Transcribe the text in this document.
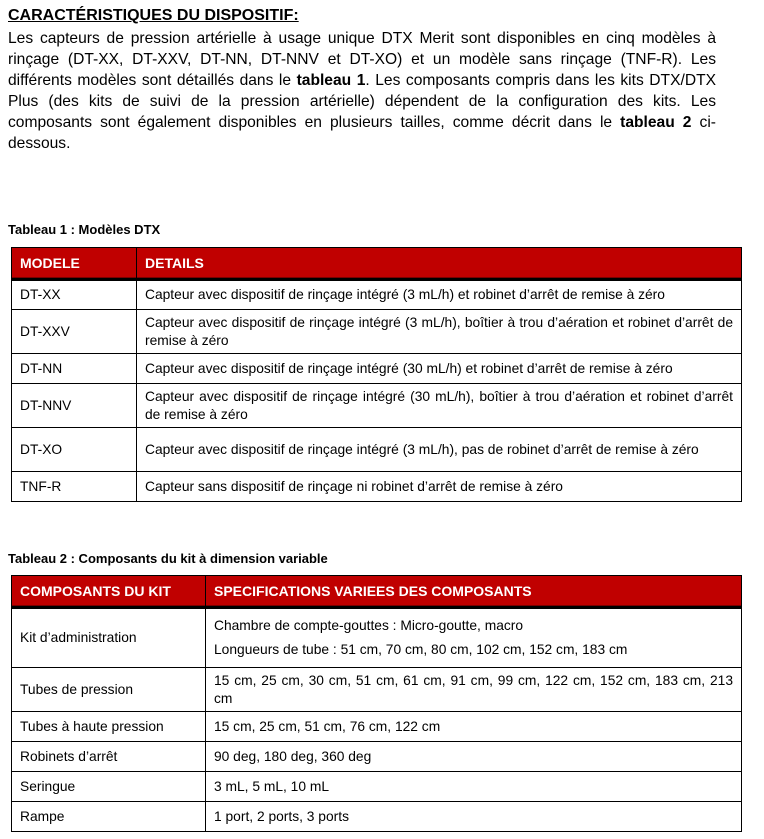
CARACTÉRISTIQUES DU DISPOSITIF:

Les capteurs de pression artérielle à usage unique DTX Merit sont disponibles en cinq modèles à rinçage (DT-XX, DT-XXV, DT-NN, DT-NNV et DT-XO) et un modèle sans rinçage (TNF-R). Les différents modèles sont détaillés dans le tableau 1. Les composants compris dans les kits DTX/DTX Plus (des kits de suivi de la pression artérielle) dépendent de la configuration des kits. Les composants sont également disponibles en plusieurs tailles, comme décrit dans le tableau 2 ci-dessous.

Tableau 1 : Modèles DTX
MODELE	DETAILS
DT-XX	Capteur avec dispositif de rinçage intégré (3 mL/h) et robinet d’arrêt de remise à zéro
DT-XXV	Capteur avec dispositif de rinçage intégré (3 mL/h), boîtier à trou d’aération et robinet d’arrêt de remise à zéro
DT-NN	Capteur avec dispositif de rinçage intégré (30 mL/h) et robinet d’arrêt de remise à zéro
DT-NNV	Capteur avec dispositif de rinçage intégré (30 mL/h), boîtier à trou d’aération et robinet d’arrêt de remise à zéro
DT-XO	Capteur avec dispositif de rinçage intégré (3 mL/h), pas de robinet d’arrêt de remise à zéro
TNF-R	Capteur sans dispositif de rinçage ni robinet d’arrêt de remise à zéro
Tableau 2 : Composants du kit à dimension variable
COMPOSANTS DU KIT	SPECIFICATIONS VARIEES DES COMPOSANTS
Kit d’administration	Chambre de compte-gouttes : Micro-goutte, macro
Longueurs de tube : 51 cm, 70 cm, 80 cm, 102 cm, 152 cm, 183 cm

Tubes de pression	15 cm, 25 cm, 30 cm, 51 cm, 61 cm, 91 cm, 99 cm, 122 cm, 152 cm, 183 cm, 213 cm

Tubes à haute pression	15 cm, 25 cm, 51 cm, 76 cm, 122 cm

Robinets d’arrêt	90 deg, 180 deg, 360 deg

Seringue	3 mL, 5 mL, 10 mL

Rampe	1 port, 2 ports, 3 ports
